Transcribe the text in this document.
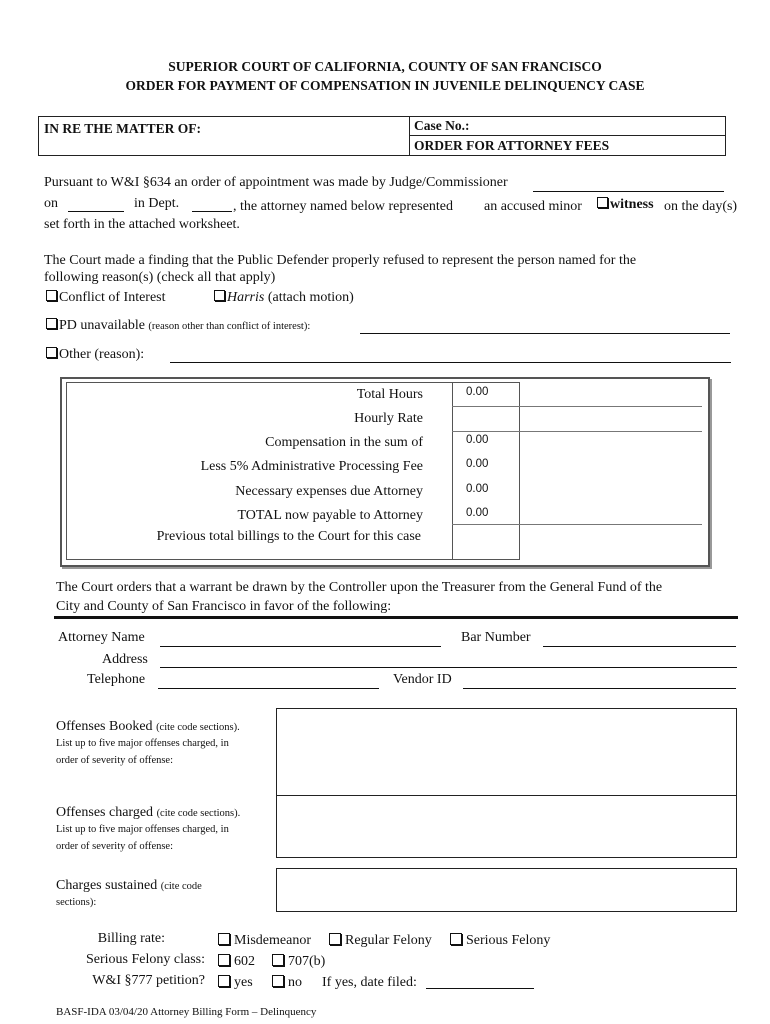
SUPERIOR COURT OF CALIFORNIA, COUNTY OF SAN FRANCISCO
ORDER FOR PAYMENT OF COMPENSATION IN JUVENILE DELINQUENCY CASE
IN RE THE MATTER OF:	Case No.:
ORDER FOR ATTORNEY FEES
Pursuant to W&I §634 an order of appointment was made by Judge/Commissioner
on	in Dept.	, the attorney named below represented an accused minor	witness on the day(s)
set forth in the attached worksheet.
The Court made a finding that the Public Defender properly refused to represent the person named for the
following reason(s) (check all that apply)
Conflict of Interest	Harris (attach motion)
PD unavailable (reason other than conflict of interest):
Other (reason):
Total Hours	0.00
Hourly Rate
Compensation in the sum of	0.00
Less 5% Administrative Processing Fee	0.00
Necessary expenses due Attorney	0.00
TOTAL now payable to Attorney	0.00
Previous total billings to the Court for this case
The Court orders that a warrant be drawn by the Controller upon the Treasurer from the General Fund of the
City and County of San Francisco in favor of the following:
Attorney Name	Bar Number
Address
Telephone	Vendor ID
Offenses Booked (cite code sections).
List up to five major offenses charged, in
order of severity of offense:
Offenses charged (cite code sections).
List up to five major offenses charged, in
order of severity of offense:
Charges sustained (cite code
sections):
Billing rate:	Misdemeanor	Regular Felony	Serious Felony
Serious Felony class:	602	707(b)
W&I §777 petition?	yes	no If yes, date filed:
BASF-IDA 03/04/20 Attorney Billing Form – Delinquency
